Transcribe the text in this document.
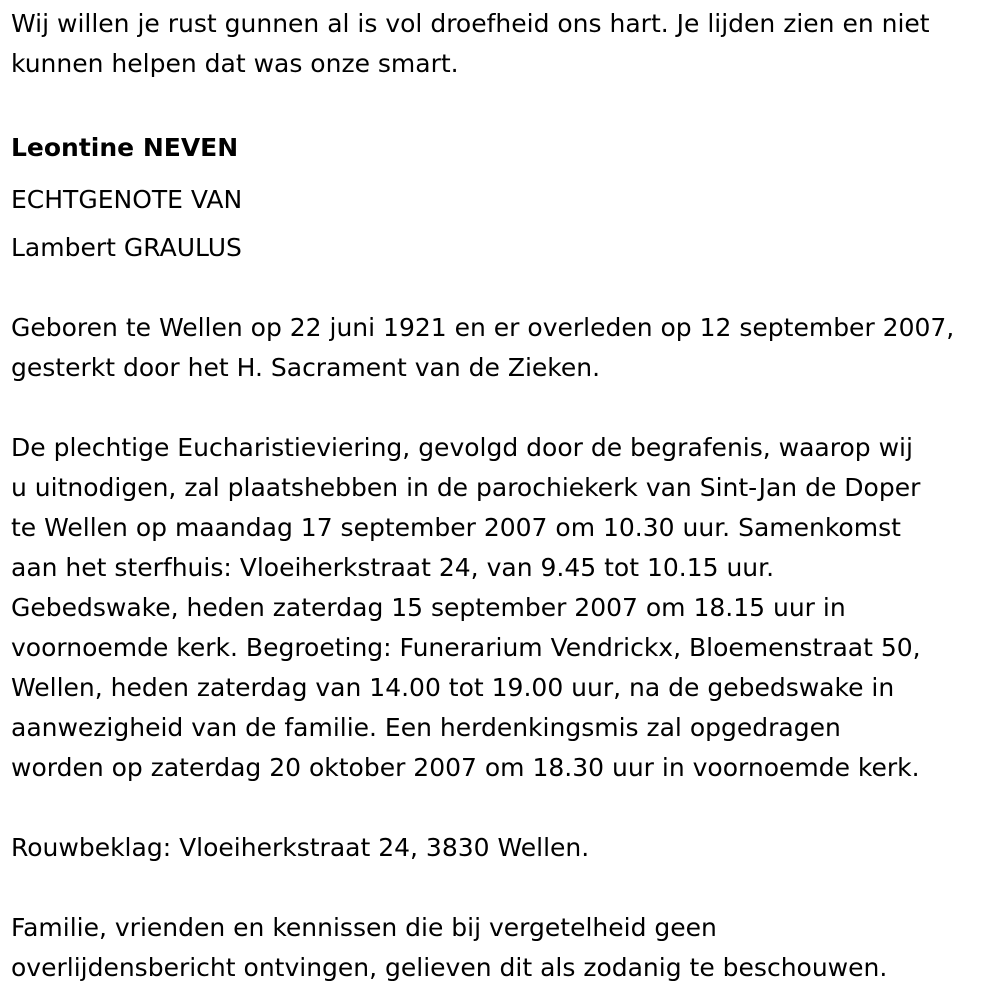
Wij willen je rust gunnen al is vol droefheid ons hart. Je lijden zien en niet
kunnen helpen dat was onze smart.
Leontine NEVEN
ECHTGENOTE VAN
Lambert GRAULUS
Geboren te Wellen op 22 juni 1921 en er overleden op 12 september 2007,
gesterkt door het H. Sacrament van de Zieken.
De plechtige Eucharistieviering, gevolgd door de begrafenis, waarop wij
u uitnodigen, zal plaatshebben in de parochiekerk van Sint-Jan de Doper
te Wellen op maandag 17 september 2007 om 10.30 uur. Samenkomst
aan het sterfhuis: Vloeiherkstraat 24, van 9.45 tot 10.15 uur.
Gebedswake, heden zaterdag 15 september 2007 om 18.15 uur in
voornoemde kerk. Begroeting: Funerarium Vendrickx, Bloemenstraat 50,
Wellen, heden zaterdag van 14.00 tot 19.00 uur, na de gebedswake in
aanwezigheid van de familie. Een herdenkingsmis zal opgedragen
worden op zaterdag 20 oktober 2007 om 18.30 uur in voornoemde kerk.
Rouwbeklag: Vloeiherkstraat 24, 3830 Wellen.
Familie, vrienden en kennissen die bij vergetelheid geen
overlijdensbericht ontvingen, gelieven dit als zodanig te beschouwen.
